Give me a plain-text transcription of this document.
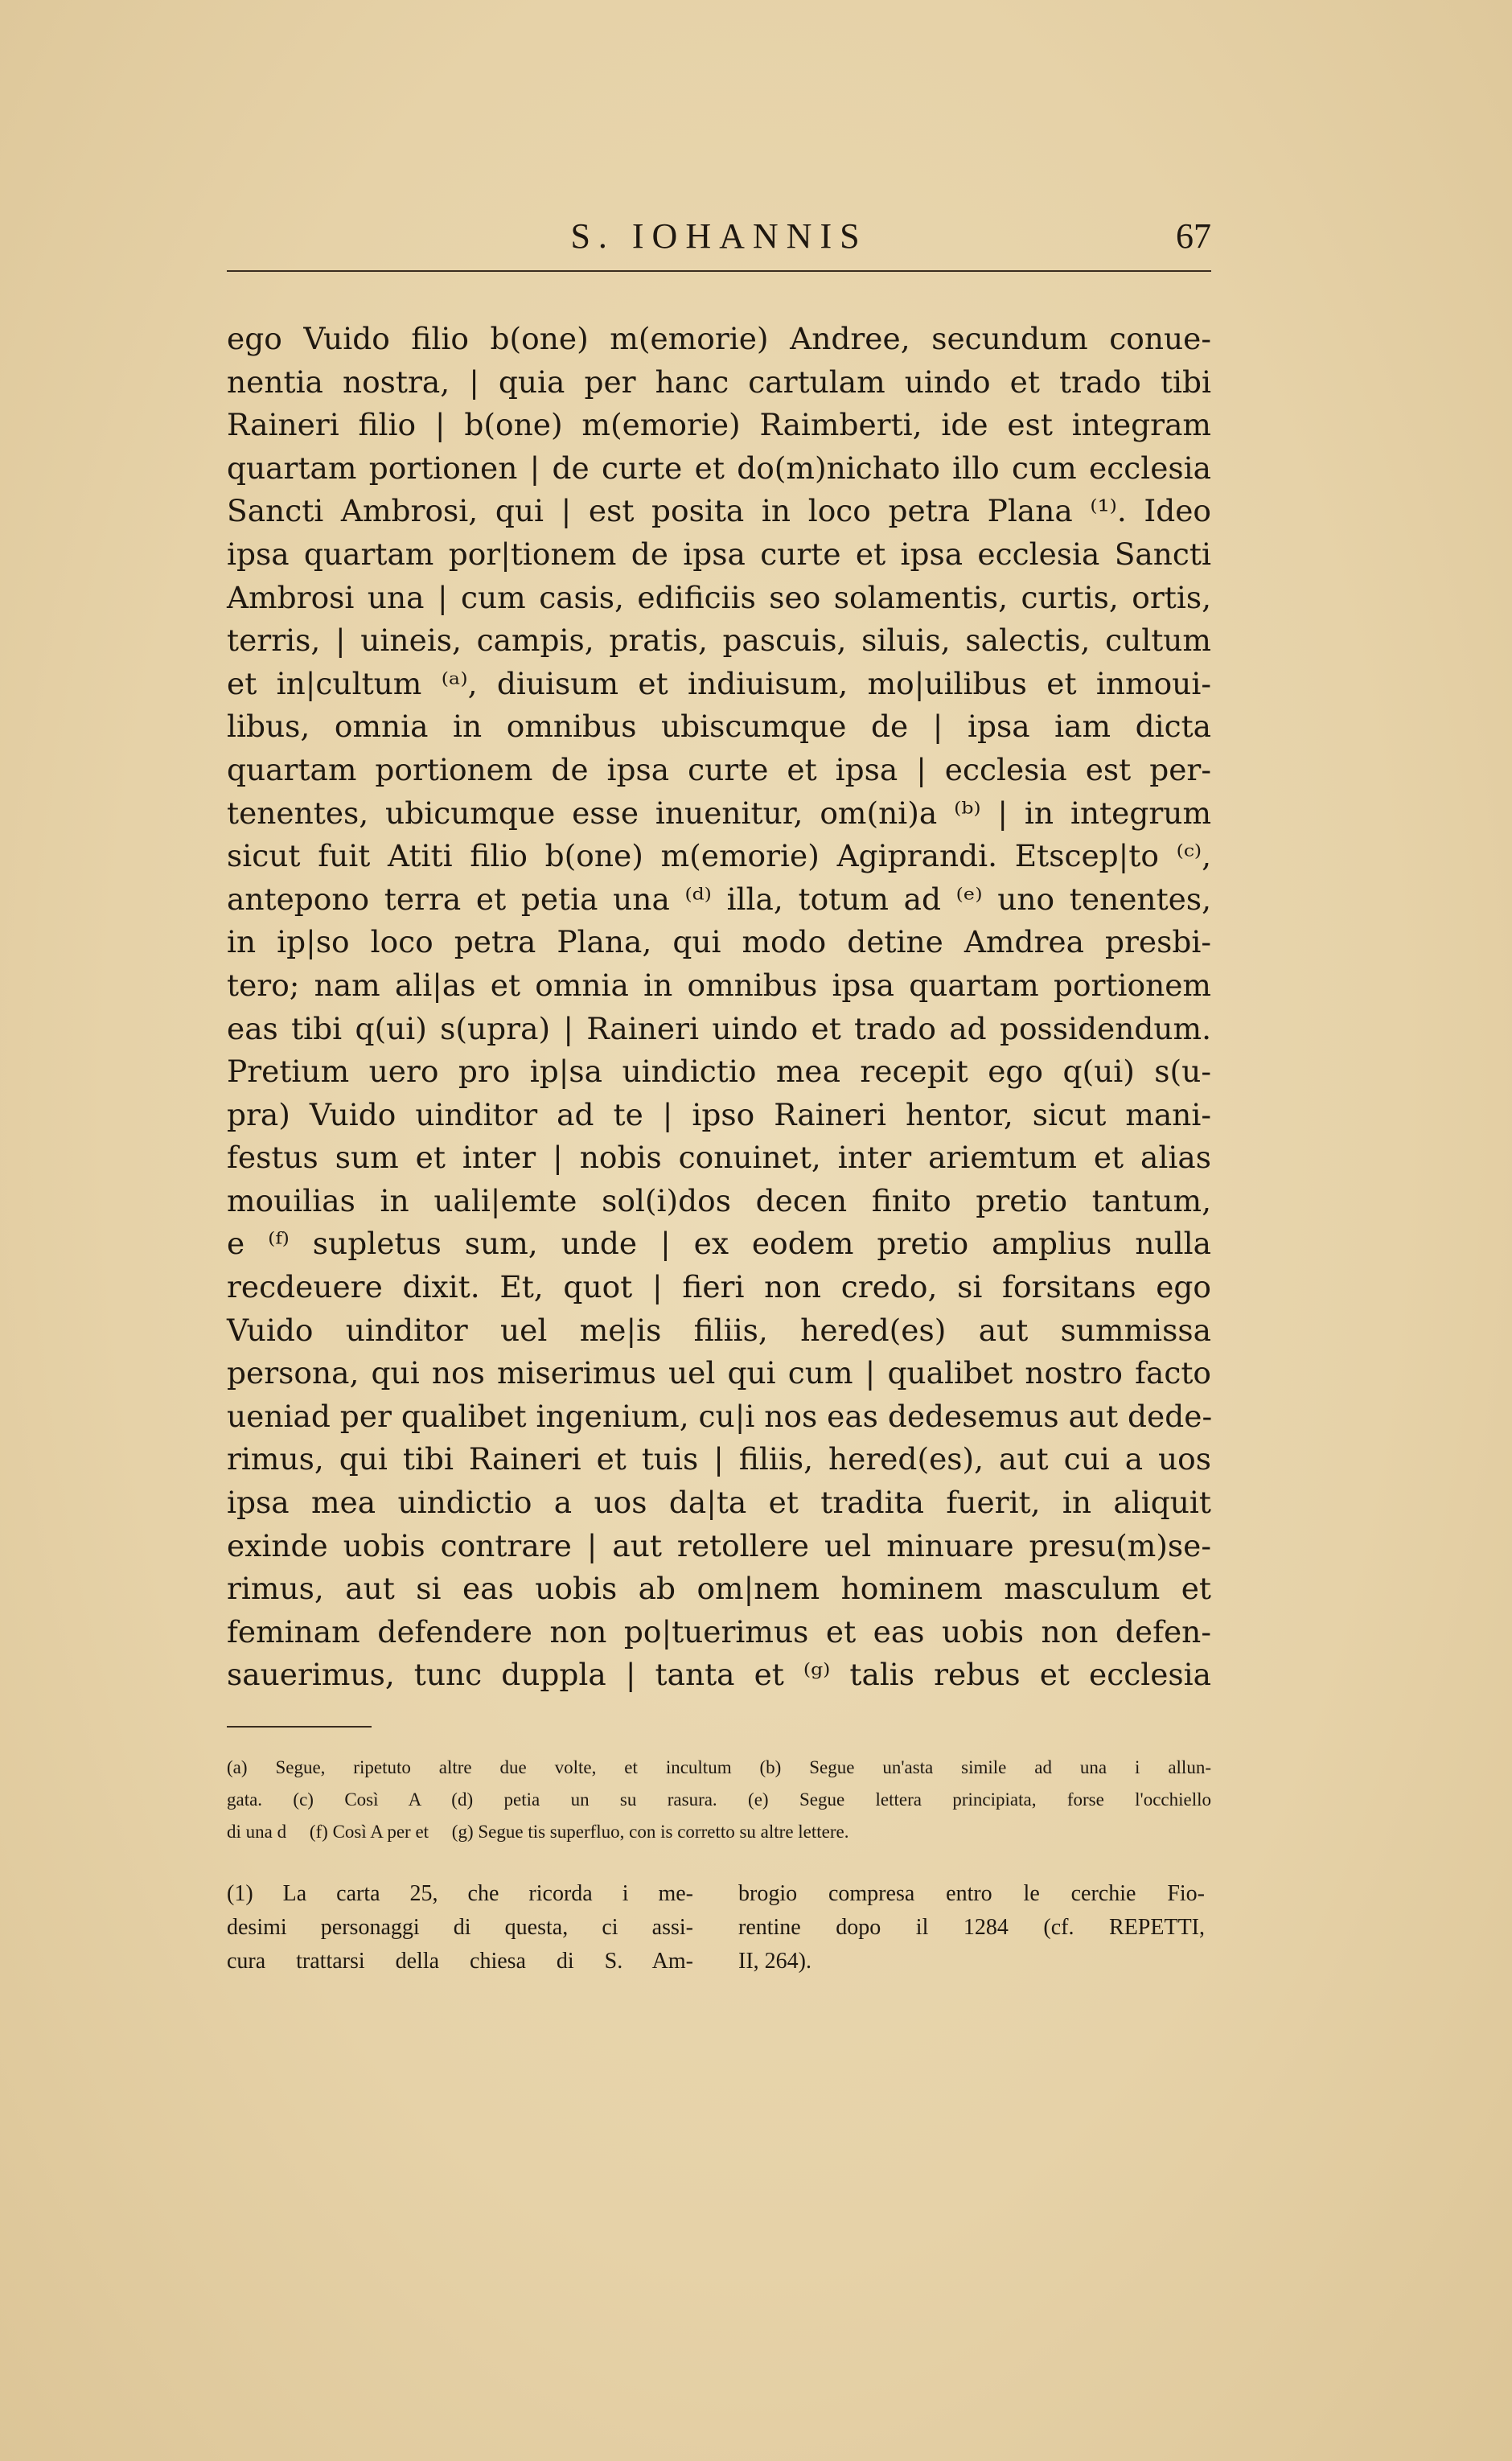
S. IOHANNIS	67
ego Vuido filio b(one) m(emorie) Andree, secundum conue-
nentia nostra, | quia per hanc cartulam uindo et trado tibi
Raineri filio | b(one) m(emorie) Raimberti, ide est integram
quartam portionen | de curte et do(m)nichato illo cum ecclesia
Sancti Ambrosi, qui | est posita in loco petra Plana ⁽¹⁾. Ideo
ipsa quartam por|tionem de ipsa curte et ipsa ecclesia Sancti
Ambrosi una | cum casis, edificiis seo solamentis, curtis, ortis,
terris, | uineis, campis, pratis, pascuis, siluis, salectis, cultum
et in|cultum ⁽ᵃ⁾, diuisum et indiuisum, mo|uilibus et inmoui-
libus, omnia in omnibus ubiscumque de | ipsa iam dicta
quartam portionem de ipsa curte et ipsa | ecclesia est per-
tenentes, ubicumque esse inuenitur, om(ni)a ⁽ᵇ⁾ | in integrum
sicut fuit Atiti filio b(one) m(emorie) Agiprandi. Etscep|to ⁽ᶜ⁾,
antepono terra et petia una ⁽ᵈ⁾ illa, totum ad ⁽ᵉ⁾ uno tenentes,
in ip|so loco petra Plana, qui modo detine Amdrea presbi-
tero; nam ali|as et omnia in omnibus ipsa quartam portionem
eas tibi q(ui) s(upra) | Raineri uindo et trado ad possidendum.
Pretium uero pro ip|sa uindictio mea recepit ego q(ui) s(u-
pra) Vuido uinditor ad te | ipso Raineri hentor, sicut mani-
festus sum et inter | nobis conuinet, inter ariemtum et alias
mouilias in uali|emte sol(i)dos decen finito pretio tantum,
e ⁽ᶠ⁾ supletus sum, unde | ex eodem pretio amplius nulla
recdeuere dixit. Et, quot | fieri non credo, si forsitans ego
Vuido uinditor uel me|is filiis, hered(es) aut summissa
persona, qui nos miserimus uel qui cum | qualibet nostro facto
ueniad per qualibet ingenium, cu|i nos eas dedesemus aut dede-
rimus, qui tibi Raineri et tuis | filiis, hered(es), aut cui a uos
ipsa mea uindictio a uos da|ta et tradita fuerit, in aliquit
exinde uobis contrare | aut retollere uel minuare presu(m)se-
rimus, aut si eas uobis ab om|nem hominem masculum et
feminam defendere non po|tuerimus et eas uobis non defen-
sauerimus, tunc duppla | tanta et ⁽ᵍ⁾ talis rebus et ecclesia
(a) Segue, ripetuto altre due volte, et incultum (b) Segue un'asta simile ad una i allun-
gata. (c) Così A (d) petia un su rasura. (e) Segue lettera principiata, forse l'occhiello
di una d     (f) Così A per et     (g) Segue tis superfluo, con is corretto su altre lettere.
(1) La carta 25, che ricorda i me-
desimi personaggi di questa, ci assi-
cura trattarsi della chiesa di S. Am-
brogio compresa entro le cerchie Fio-
rentine dopo il 1284 (cf. REPETTI,
II, 264).
